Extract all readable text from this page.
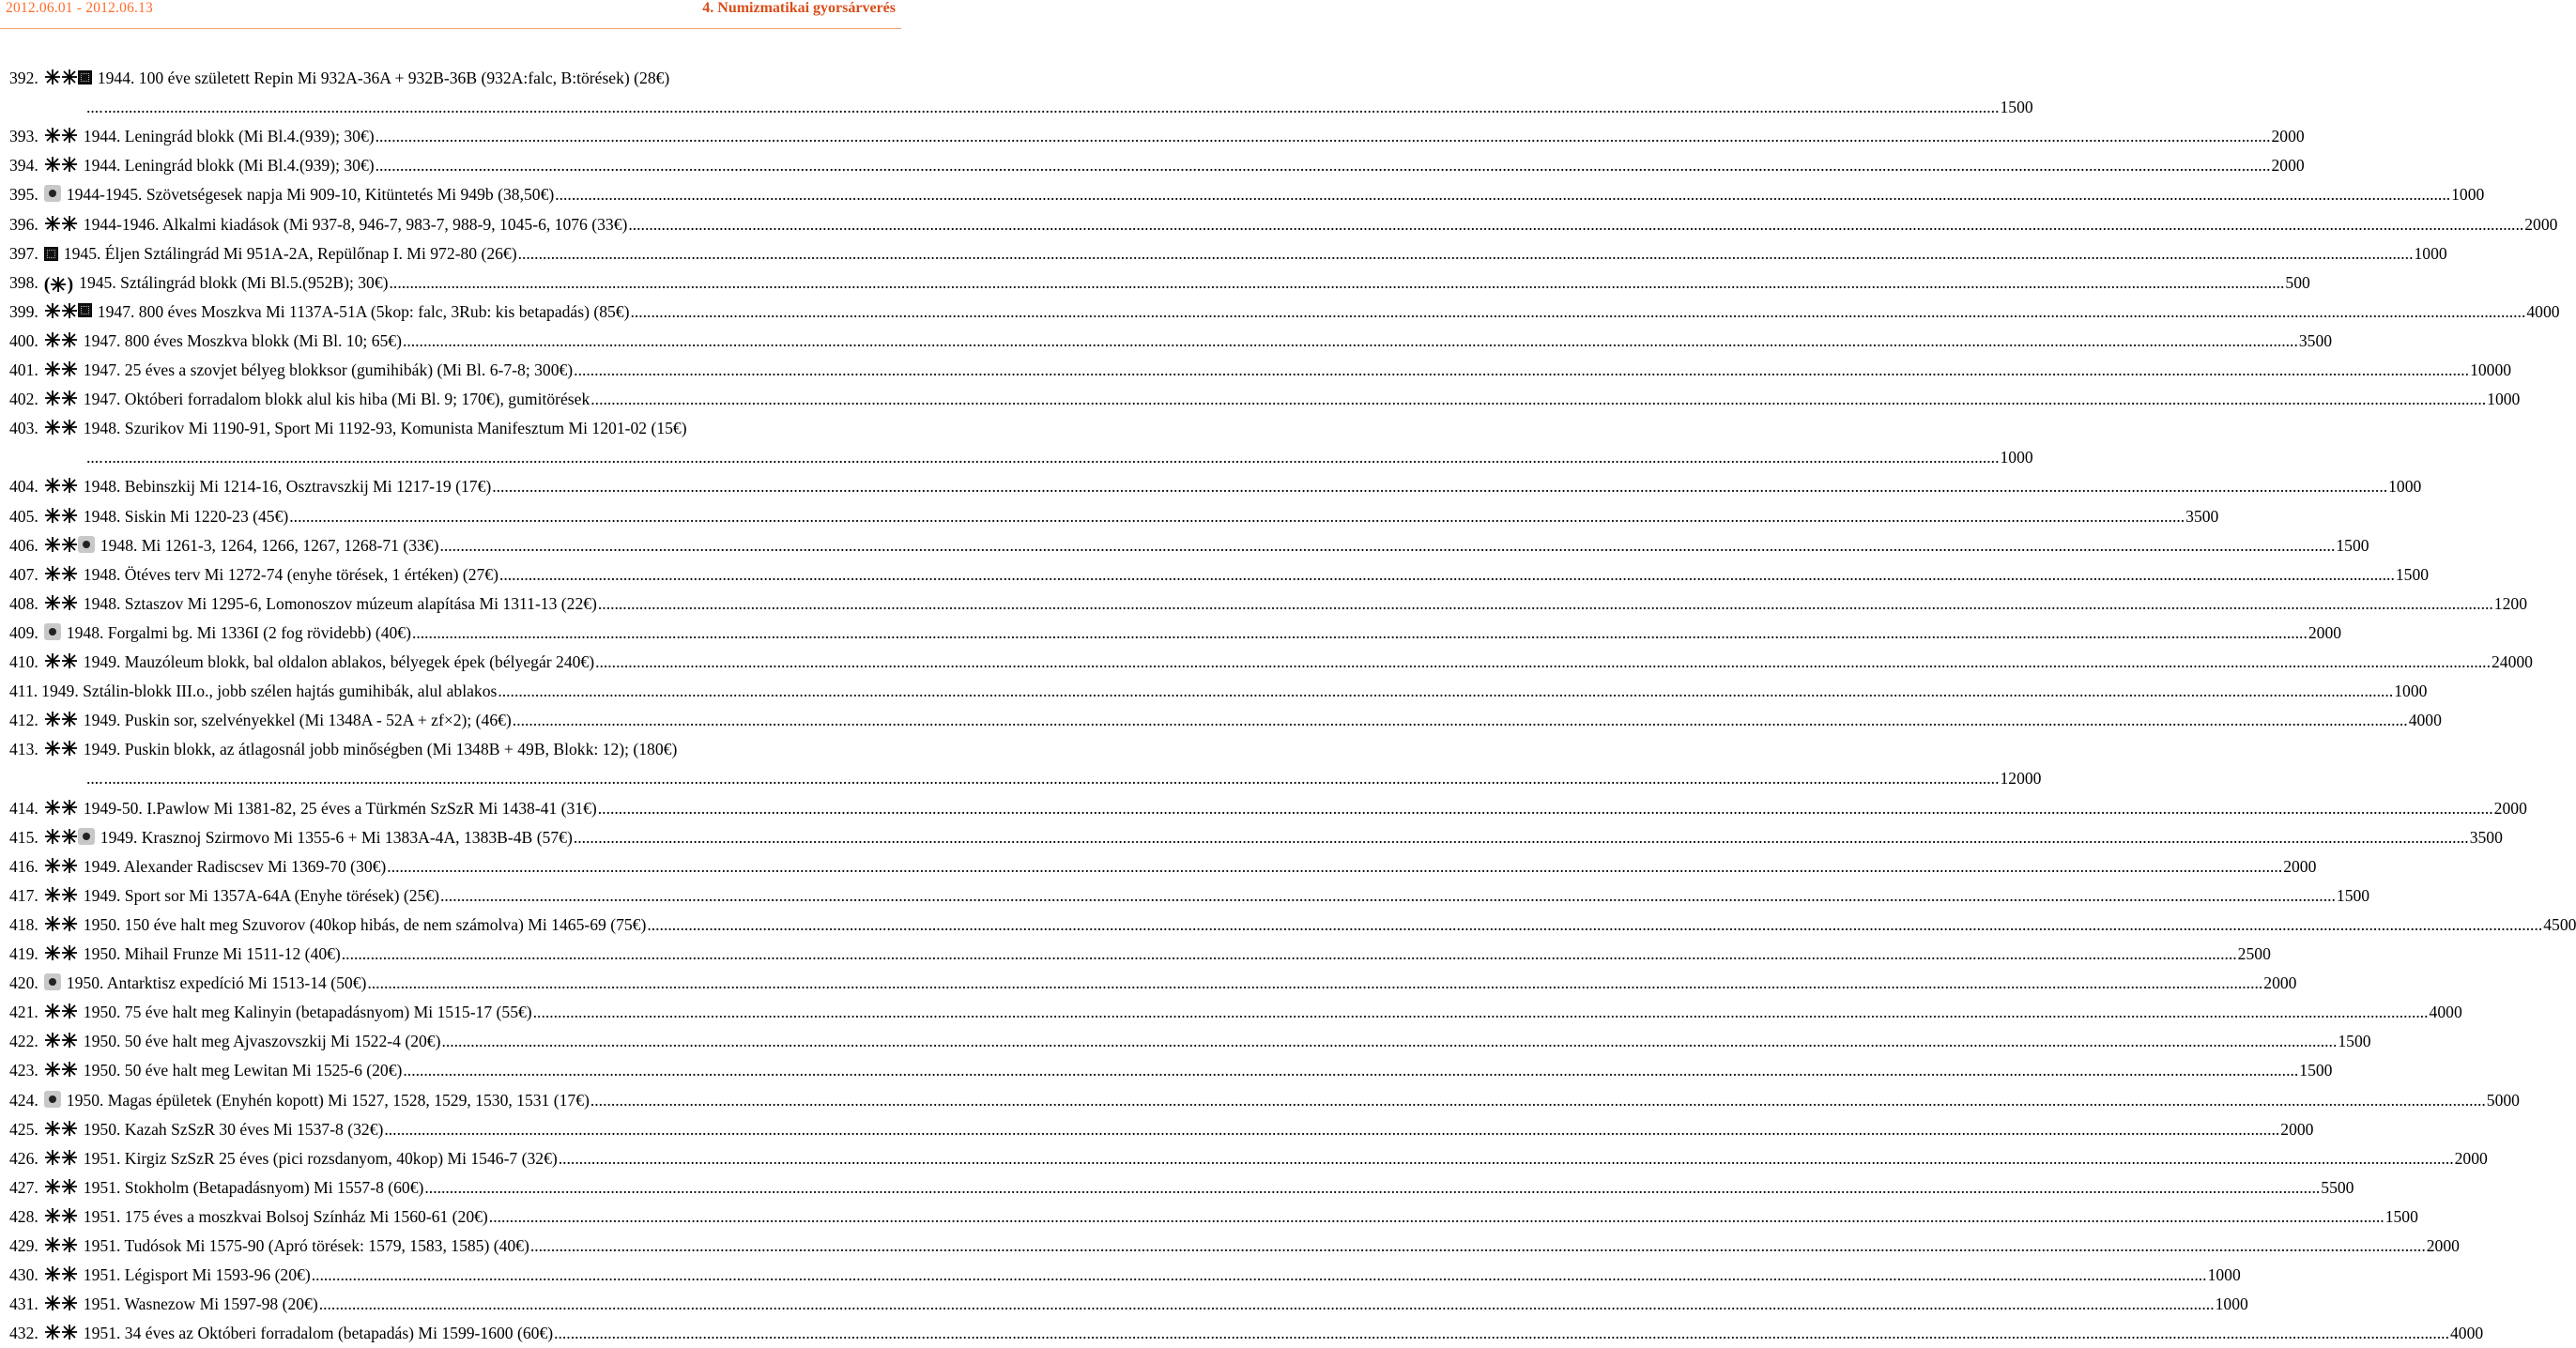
2012.06.01 - 2012.06.13	4. Numizmatikai gyorsárverés
392.	1944. 100 éve született Repin Mi 932A-36A + 932B-36B (932A:falc, B:törések) (28€)
.... ........................................................................................................................................................................................................................................................................................................................................................................................................................................................................... 1500
393.	1944. Leningrád blokk (Mi Bl.4.(939); 30€) ........................................................................................................................................................................................................................................................................................................................................................................................................................................................................... 2000
394.	1944. Leningrád blokk (Mi Bl.4.(939); 30€) ........................................................................................................................................................................................................................................................................................................................................................................................................................................................................... 2000
395. 1944-1945. Szövetségesek napja Mi 909-10, Kitüntetés Mi 949b (38,50€) ........................................................................................................................................................................................................................................................................................................................................................................................................................................................................... 1000
396.	1944-1946. Alkalmi kiadások (Mi 937-8, 946-7, 983-7, 988-9, 1045-6, 1076 (33€) ........................................................................................................................................................................................................................................................................................................................................................................................................................................................................... 2000
397. 1945. Éljen Sztálingrád Mi 951A-2A, Repülőnap I. Mi 972-80 (26€) ........................................................................................................................................................................................................................................................................................................................................................................................................................................................................... 1000
398. ( ) 1945. Sztálingrád blokk (Mi Bl.5.(952B); 30€) ........................................................................................................................................................................................................................................................................................................................................................................................................................................................................... 500
399.	1947. 800 éves Moszkva Mi 1137A-51A (5kop: falc, 3Rub: kis betapadás) (85€) ........................................................................................................................................................................................................................................................................................................................................................................................................................................................................... 4000
400.	1947. 800 éves Moszkva blokk (Mi Bl. 10; 65€) ........................................................................................................................................................................................................................................................................................................................................................................................................................................................................... 3500
401.	1947. 25 éves a szovjet bélyeg blokksor (gumihibák) (Mi Bl. 6-7-8; 300€) ........................................................................................................................................................................................................................................................................................................................................................................................................................................................................... 10000
402.	1947. Októberi forradalom blokk alul kis hiba (Mi Bl. 9; 170€), gumitörések ........................................................................................................................................................................................................................................................................................................................................................................................................................................................................... 1000
403.	1948. Szurikov Mi 1190-91, Sport Mi 1192-93, Komunista Manifesztum Mi 1201-02 (15€)
.... ........................................................................................................................................................................................................................................................................................................................................................................................................................................................................... 1000
404.	1948. Bebinszkij Mi 1214-16, Osztravszkij Mi 1217-19 (17€) ........................................................................................................................................................................................................................................................................................................................................................................................................................................................................... 1000
405.	1948. Siskin Mi 1220-23 (45€) ........................................................................................................................................................................................................................................................................................................................................................................................................................................................................... 3500
406.	1948. Mi 1261-3, 1264, 1266, 1267, 1268-71 (33€) ........................................................................................................................................................................................................................................................................................................................................................................................................................................................................... 1500
407.	1948. Ötéves terv Mi 1272-74 (enyhe törések, 1 értéken) (27€) ........................................................................................................................................................................................................................................................................................................................................................................................................................................................................... 1500
408.	1948. Sztaszov Mi 1295-6, Lomonoszov múzeum alapítása Mi 1311-13 (22€) ........................................................................................................................................................................................................................................................................................................................................................................................................................................................................... 1200
409. 1948. Forgalmi bg. Mi 1336I (2 fog rövidebb) (40€) ........................................................................................................................................................................................................................................................................................................................................................................................................................................................................... 2000
410.	1949. Mauzóleum blokk, bal oldalon ablakos, bélyegek épek (bélyegár 240€) ........................................................................................................................................................................................................................................................................................................................................................................................................................................................................... 24000
411. 1949. Sztálin-blokk III.o., jobb szélen hajtás gumihibák, alul ablakos ........................................................................................................................................................................................................................................................................................................................................................................................................................................................................... 1000
412.	1949. Puskin sor, szelvényekkel (Mi 1348A - 52A + zf×2); (46€) ........................................................................................................................................................................................................................................................................................................................................................................................................................................................................... 4000
413.	1949. Puskin blokk, az átlagosnál jobb minőségben (Mi 1348B + 49B, Blokk: 12); (180€)
.... ........................................................................................................................................................................................................................................................................................................................................................................................................................................................................... 12000
414.	1949-50. I.Pawlow Mi 1381-82, 25 éves a Türkmén SzSzR Mi 1438-41 (31€) ........................................................................................................................................................................................................................................................................................................................................................................................................................................................................... 2000
415.	1949. Krasznoj Szirmovo Mi 1355-6 + Mi 1383A-4A, 1383B-4B (57€) ........................................................................................................................................................................................................................................................................................................................................................................................................................................................................... 3500
416.	1949. Alexander Radiscsev Mi 1369-70 (30€) ........................................................................................................................................................................................................................................................................................................................................................................................................................................................................... 2000
417.	1949. Sport sor Mi 1357A-64A (Enyhe törések) (25€) ........................................................................................................................................................................................................................................................................................................................................................................................................................................................................... 1500
418.	1950. 150 éve halt meg Szuvorov (40kop hibás, de nem számolva) Mi 1465-69 (75€) ........................................................................................................................................................................................................................................................................................................................................................................................................................................................................... 4500
419.	1950. Mihail Frunze Mi 1511-12 (40€) ........................................................................................................................................................................................................................................................................................................................................................................................................................................................................... 2500
420. 1950. Antarktisz expedíció Mi 1513-14 (50€) ........................................................................................................................................................................................................................................................................................................................................................................................................................................................................... 2000
421.	1950. 75 éve halt meg Kalinyin (betapadásnyom) Mi 1515-17 (55€) ........................................................................................................................................................................................................................................................................................................................................................................................................................................................................... 4000
422.	1950. 50 éve halt meg Ajvaszovszkij Mi 1522-4 (20€) ........................................................................................................................................................................................................................................................................................................................................................................................................................................................................... 1500
423.	1950. 50 éve halt meg Lewitan Mi 1525-6 (20€) ........................................................................................................................................................................................................................................................................................................................................................................................................................................................................... 1500
424. 1950. Magas épületek (Enyhén kopott) Mi 1527, 1528, 1529, 1530, 1531 (17€) ........................................................................................................................................................................................................................................................................................................................................................................................................................................................................... 5000
425.	1950. Kazah SzSzR 30 éves Mi 1537-8 (32€) ........................................................................................................................................................................................................................................................................................................................................................................................................................................................................... 2000
426.	1951. Kirgiz SzSzR 25 éves (pici rozsdanyom, 40kop) Mi 1546-7 (32€) ........................................................................................................................................................................................................................................................................................................................................................................................................................................................................... 2000
427.	1951. Stokholm (Betapadásnyom) Mi 1557-8 (60€) ........................................................................................................................................................................................................................................................................................................................................................................................................................................................................... 5500
428.	1951. 175 éves a moszkvai Bolsoj Színház Mi 1560-61 (20€) ........................................................................................................................................................................................................................................................................................................................................................................................................................................................................... 1500
429.	1951. Tudósok Mi 1575-90 (Apró törések: 1579, 1583, 1585) (40€) ........................................................................................................................................................................................................................................................................................................................................................................................................................................................................... 2000
430.	1951. Légisport Mi 1593-96 (20€) ........................................................................................................................................................................................................................................................................................................................................................................................................................................................................... 1000
431.	1951. Wasnezow Mi 1597-98 (20€) ........................................................................................................................................................................................................................................................................................................................................................................................................................................................................... 1000
432.	1951. 34 éves az Októberi forradalom (betapadás) Mi 1599-1600 (60€) ........................................................................................................................................................................................................................................................................................................................................................................................................................................................................... 4000
